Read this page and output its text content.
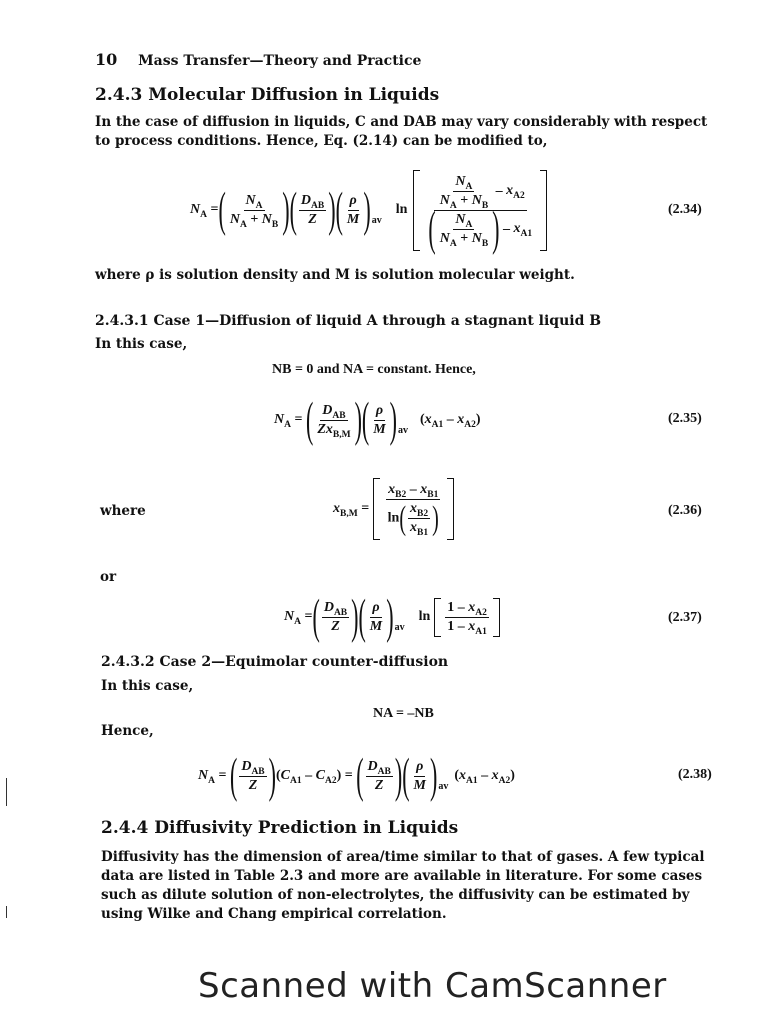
10 Mass Transfer—Theory and Practice
2.4.3 Molecular Diffusion in Liquids
In the case of diffusion in liquids, C and DAB may vary considerably with respect to process conditions. Hence, Eq. (2.14) can be modified to,
$N_A$ = ( $\frac{N_A}{N_A + N_B}$ ) ( $\frac{D_{AB}}{Z}$ ) ( $\frac{\rho}{M}$ ) av
$\ln \frac{\frac{N_A}{N_A + N_B} - x_{A2}}{( \frac{N_A}{N_A + N_B} ) - x_{A1}}$	(2.34)
where ρ is solution density and M is solution molecular weight.
2.4.3.1 Case 1—Diffusion of liquid A through a stagnant liquid B
In this case,
NB = 0 and NA = constant. Hence,
$N_A$ = ( $\frac{D_{AB}}{Zx_{B,M}}$ ) ( $\frac{\rho}{M}$ ) av
$(x_{A1} - x_{A2})$	(2.35)
where	$x_{B,M} = \frac{x_{B2} - x_{B1}}{\ln( \frac{x_{B2}}{x_{B1}} )}$	(2.36)
or
$N_A$ = ( $\frac{D_{AB}}{Z}$ ) ( $\frac{\rho}{M}$ ) av
$\ln \frac{1 - x_{A2}}{1 - x_{A1}}$	(2.37)
2.4.3.2 Case 2—Equimolar counter-diffusion
In this case,
NA = –NB
Hence,
$N_A$ = ( $\frac{D_{AB}}{Z}$ ) $(C_{A1} - C_{A2})$ = ( $\frac{D_{AB}}{Z}$ ) ( $\frac{\rho}{M}$ ) av
$(x_{A1} - x_{A2})$	(2.38)
2.4.4 Diffusivity Prediction in Liquids
Diffusivity has the dimension of area/time similar to that of gases. A few typical data are listed in Table 2.3 and more are available in literature. For some cases such as dilute solution of non-electrolytes, the diffusivity can be estimated by using Wilke and Chang empirical correlation.
Scanned with CamScanner
